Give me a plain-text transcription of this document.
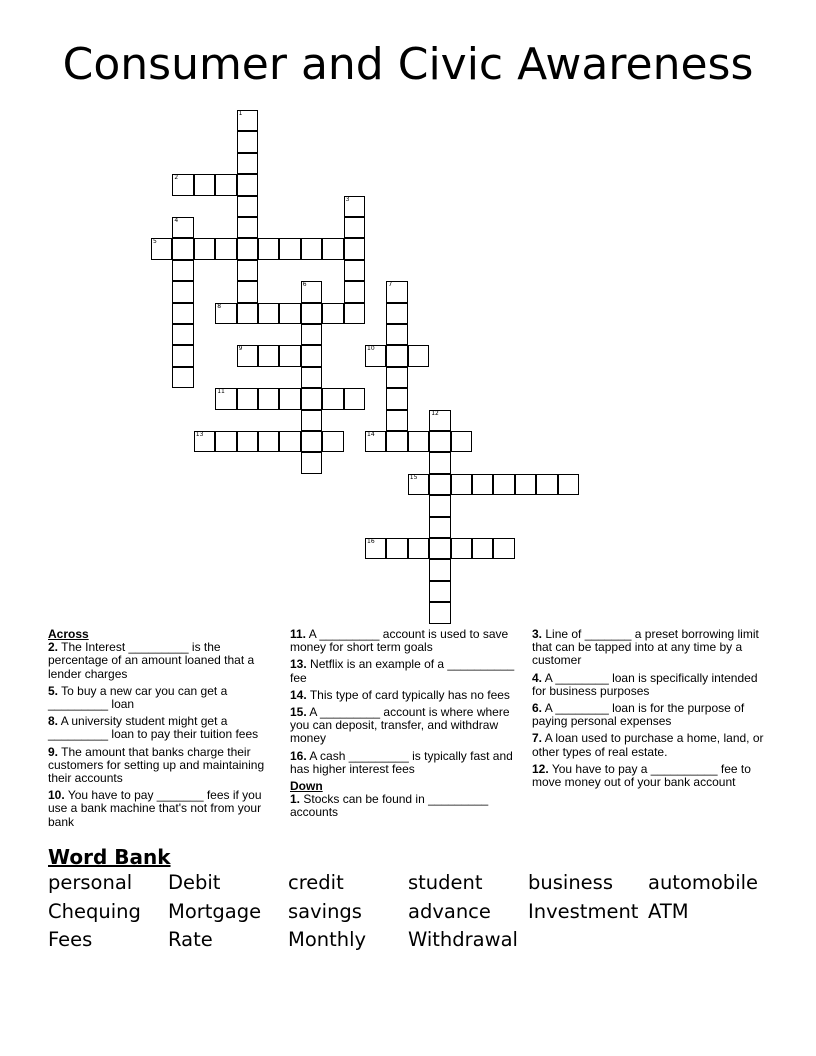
Consumer and Civic Awareness
1
2
3
4
5
6	7
8
9	10
11
12
13	14
15
16
Across
2. The Interest _________ is the percentage of an amount loaned that a lender charges
5. To buy a new car you can get a _________ loan
8. A university student might get a _________ loan to pay their tuition fees
9. The amount that banks charge their customers for setting up and maintaining their accounts
10. You have to pay _______ fees if you use a bank machine that's not from your bank
11. A _________ account is used to save money for short term goals
13. Netflix is an example of a __________ fee
14. This type of card typically has no fees
15. A _________ account is where where you can deposit, transfer, and withdraw money
16. A cash _________ is typically fast and has higher interest fees
Down
1. Stocks can be found in _________ accounts
3. Line of _______ a preset borrowing limit that can be tapped into at any time by a customer
4. A ________ loan is specifically intended for business purposes
6. A ________ loan is for the purpose of paying personal expenses
7. A loan used to purchase a home, land, or other types of real estate.
12. You have to pay a __________ fee to move money out of your bank account
Word Bank
personal Debit	credit	student business automobile
Chequing Mortgage savings advance Investment ATM
Fees	Rate	Monthly Withdrawal
